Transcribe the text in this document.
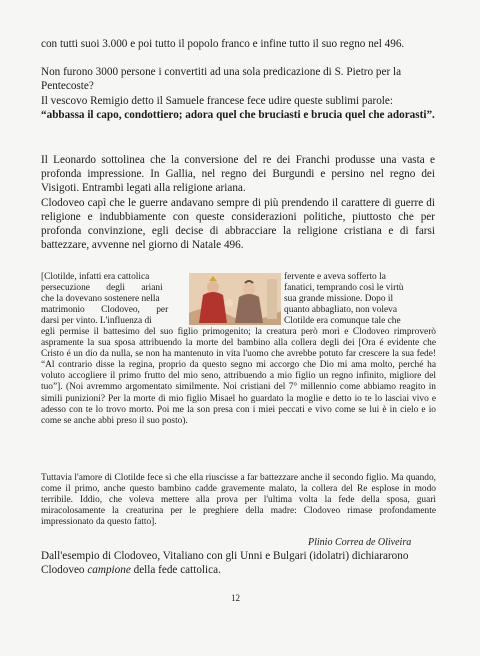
con tutti suoi 3.000 e poi tutto il popolo franco e infine tutto il suo regno nel 496.

Non furono 3000 persone i convertiti ad una sola predicazione di S. Pietro per la Pentecoste?

Il vescovo Remigio detto il Samuele francese fece udire queste sublimi parole: “abbassa il capo, condottiero; adora quel che bruciasti e brucia quel che adorasti”.

Il Leonardo sottolinea che la conversione del re dei Franchi produsse una vasta e profonda impressione. In Gallia, nel regno dei Burgundi e persino nel regno dei Visigoti. Entrambi legati alla religione ariana.

Clodoveo capì che le guerre andavano sempre di più prendendo il carattere di guerre di religione e indubbiamente con queste considerazioni politiche, piuttosto che per profonda convinzione, egli decise di abbracciare la religione cristiana e di farsi battezzare, avvenne nel giorno di Natale 496.

[Clotilde, infatti era cattolica
persecuzione degli ariani
che la dovevano sostenere nella
matrimonio Clodoveo, per
darsi per vinto. L'influenza di
fervente e aveva sofferto la
fanatici, temprando così le virtù
sua grande missione. Dopo il
quanto abbagliato, non voleva
Clotilde era comunque tale che

egli permise il battesimo del suo figlio primogenito; la creatura però morì e Clodoveo rimproverò aspramente la sua sposa attribuendo la morte del bambino alla collera degli dei [Ora é evidente che Cristo é un dio da nulla, se non ha mantenuto in vita l'uomo che avrebbe potuto far crescere la sua fede! “Al contrario disse la regina, proprio da questo segno mi accorgo che Dio mi ama molto, perché ha voluto accogliere il primo frutto del mio seno, attribuendo a mio figlio un regno infinito, migliore del tuo”]. (Noi avremmo argomentato similmente. Noi cristiani del 7° millennio come abbiamo reagito in simili punizioni? Per la morte di mio figlio Misael ho guardato la moglie e detto io te lo lasciai vivo e adesso con te lo trovo morto. Poi me la son presa con i miei peccati e vivo come se lui è in cielo e io come se anche abbi preso il suo posto).

Tuttavia l'amore di Clotilde fece sì che ella riuscisse a far battezzare anche il secondo figlio. Ma quando, come il primo, anche questo bambino cadde gravemente malato, la collera del Re esplose in modo terribile. Iddio, che voleva mettere alla prova per l'ultima volta la fede della sposa, guarì miracolosamente la creaturina per le preghiere della madre: Clodoveo rimase profondamente impressionato da questo fatto].

Plinio Correa de Oliveira

Dall'esempio di Clodoveo, Vitaliano con gli Unni e Bulgari (idolatri) dichiararono Clodoveo campione della fede cattolica.

12
